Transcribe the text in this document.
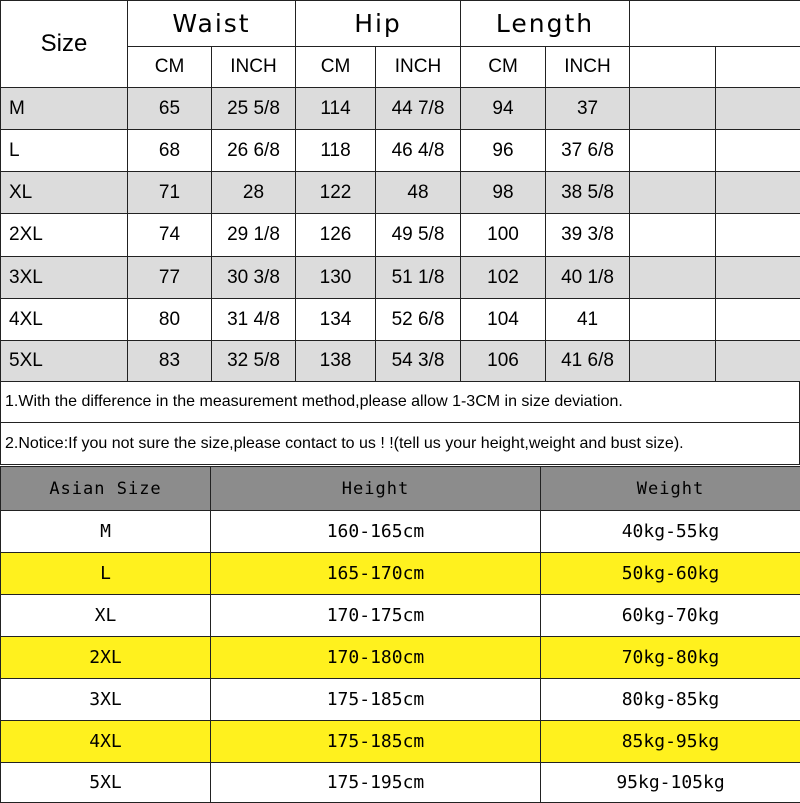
Size	Waist		Hip		Length			
	CM	INCH	CM	INCH	CM	INCH		
M	65	25 5/8	114	44 7/8	94	37		
L	68	26 6/8	118	46 4/8	96	37 6/8		
XL	71	28	122	48	98	38 5/8		
2XL	74	29 1/8	126	49 5/8	100	39 3/8		
3XL	77	30 3/8	130	51 1/8	102	40 1/8		
4XL	80	31 4/8	134	52 6/8	104	41		
5XL	83	32 5/8	138	54 3/8	106	41 6/8		
1.With the difference in the measurement method,please allow 1-3CM in size deviation.
2.Notice:If you not sure the size,please contact to us ! !(tell us your height,weight and bust size).
Asian Size	Height	Weight
M	160-165cm	40kg-55kg
L	165-170cm	50kg-60kg
XL	170-175cm	60kg-70kg
2XL	170-180cm	70kg-80kg
3XL	175-185cm	80kg-85kg
4XL	175-185cm	85kg-95kg
5XL	175-195cm	95kg-105kg
